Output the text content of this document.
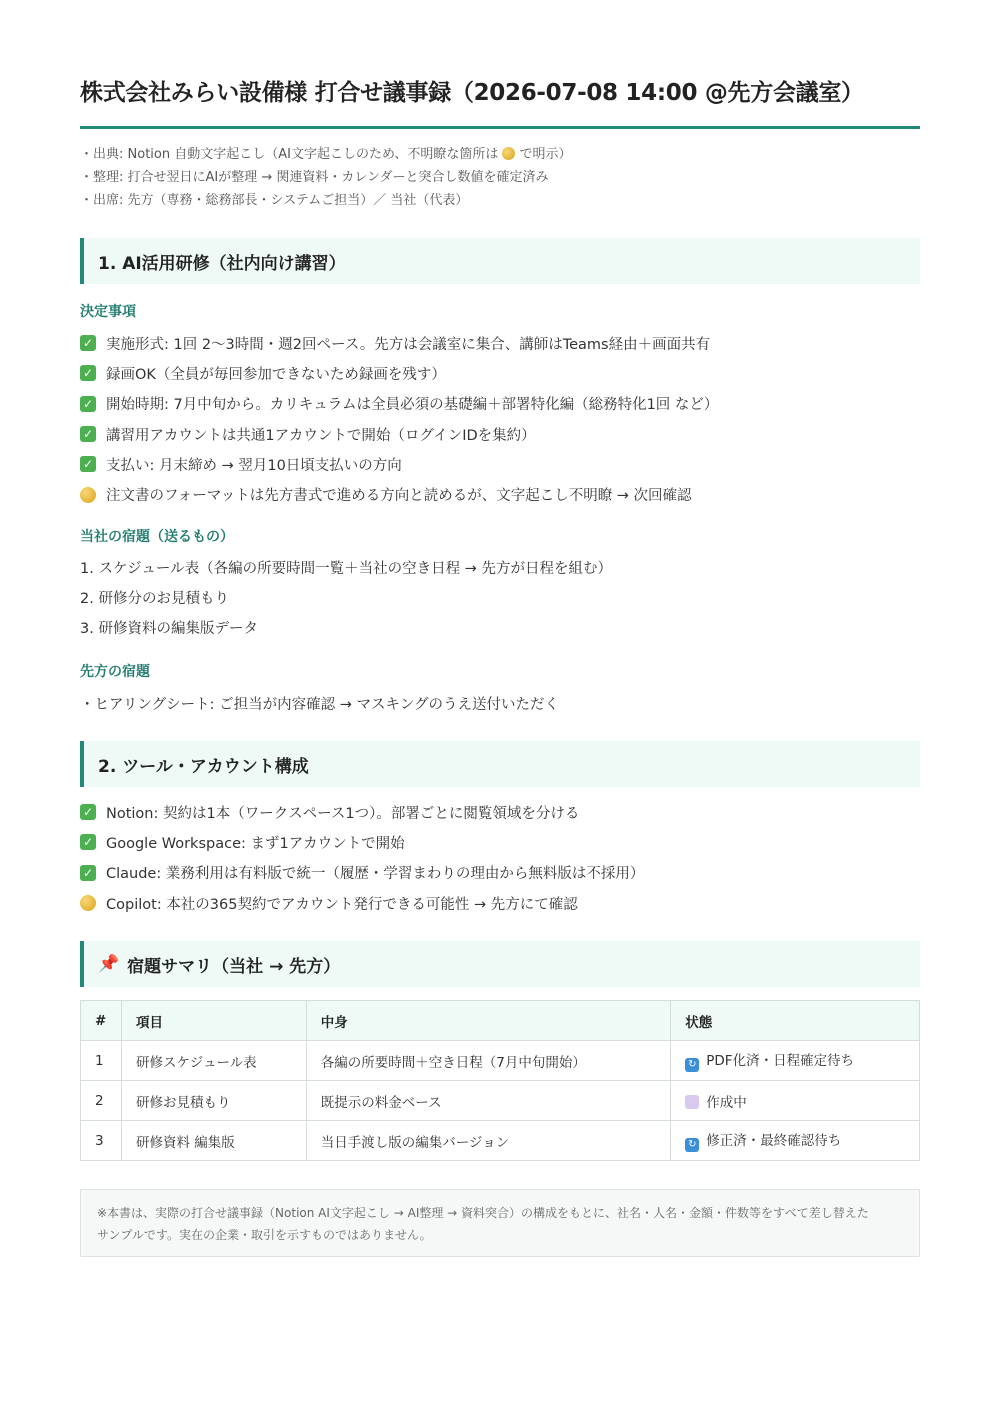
株式会社みらい設備様 打合せ議事録（2026-07-08 14:00 @先方会議室）
・出典: Notion 自動文字起こし（AI文字起こしのため、不明瞭な箇所は で明示）
・整理: 打合せ翌日にAIが整理 → 関連資料・カレンダーと突合し数値を確定済み
・出席: 先方（専務・総務部長・システムご担当）／ 当社（代表）
1. AI活用研修（社内向け講習）
決定事項
✓ 実施形式: 1回 2〜3時間・週2回ペース。先方は会議室に集合、講師はTeams経由＋画面共有
✓ 録画OK（全員が毎回参加できないため録画を残す）
✓ 開始時期: 7月中旬から。カリキュラムは全員必須の基礎編＋部署特化編（総務特化1回 など）
✓ 講習用アカウントは共通1アカウントで開始（ログインIDを集約）
✓ 支払い: 月末締め → 翌月10日頃支払いの方向
注文書のフォーマットは先方書式で進める方向と読めるが、文字起こし不明瞭 → 次回確認
当社の宿題（送るもの）
1. スケジュール表（各編の所要時間一覧＋当社の空き日程 → 先方が日程を組む）
2. 研修分のお見積もり
3. 研修資料の編集版データ
先方の宿題
・ヒアリングシート: ご担当が内容確認 → マスキングのうえ送付いただく
2. ツール・アカウント構成
✓ Notion: 契約は1本（ワークスペース1つ）。部署ごとに閲覧領域を分ける
✓ Google Workspace: まず1アカウントで開始
✓ Claude: 業務利用は有料版で統一（履歴・学習まわりの理由から無料版は不採用）
Copilot: 本社の365契約でアカウント発行できる可能性 → 先方にて確認
📌 宿題サマリ（当社 → 先方）
#	項目	中身	状態
1	研修スケジュール表	各編の所要時間＋空き日程（7月中旬開始）	↻ PDF化済・日程確定待ち
2	研修お見積もり	既提示の料金ベース	作成中
3	研修資料 編集版	当日手渡し版の編集バージョン	↻ 修正済・最終確認待ち
※本書は、実際の打合せ議事録（Notion AI文字起こし → AI整理 → 資料突合）の構成をもとに、社名・人名・金額・件数等をすべて差し替えた
サンプルです。実在の企業・取引を示すものではありません。
